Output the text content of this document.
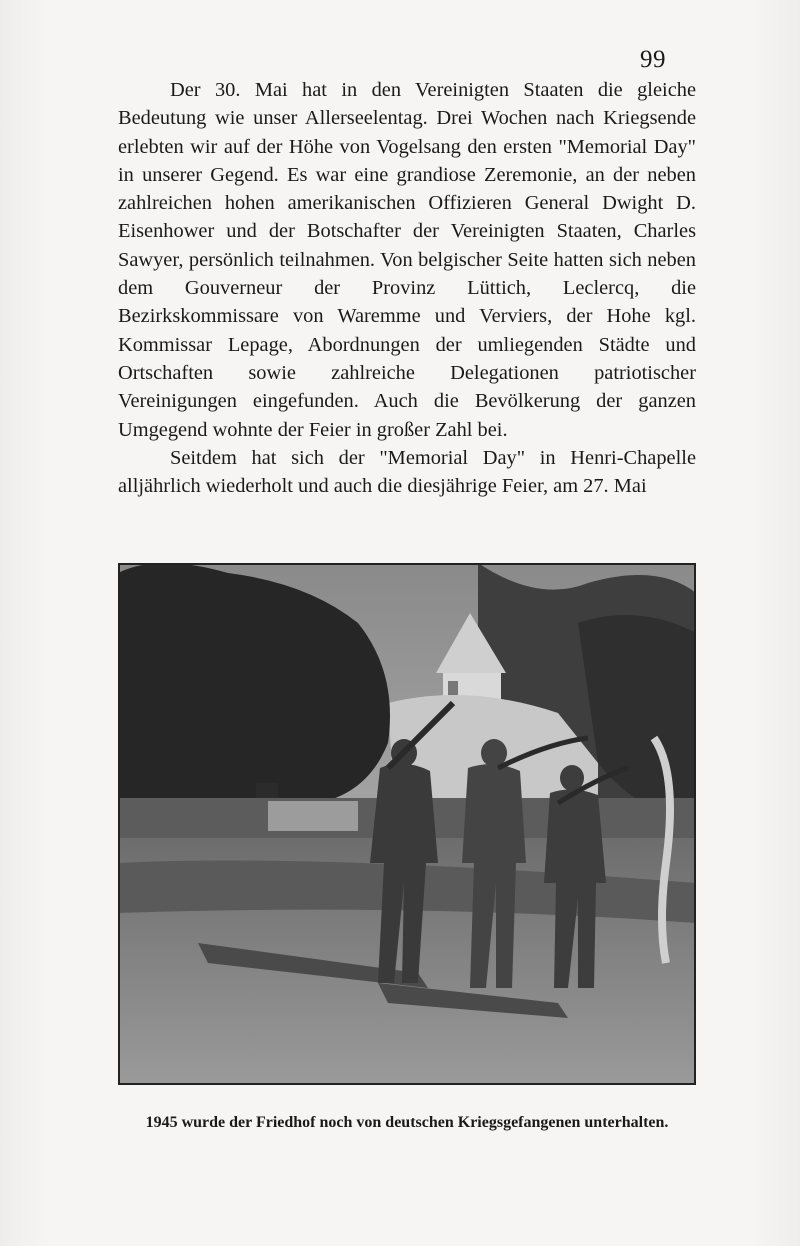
99

Der 30. Mai hat in den Vereinigten Staaten die gleiche Bedeutung wie unser Allerseelentag. Drei Wochen nach Kriegsende erlebten wir auf der Höhe von Vogelsang den ersten "Memorial Day" in unserer Gegend. Es war eine grandiose Zeremonie, an der neben zahlreichen hohen amerikanischen Offizieren General Dwight D. Eisenhower und der Botschafter der Vereinigten Staaten, Charles Sawyer, persönlich teilnahmen. Von belgischer Seite hatten sich neben dem Gouverneur der Provinz Lüttich, Leclercq, die Bezirkskommissare von Waremme und Verviers, der Hohe kgl. Kommissar Lepage, Abordnungen der umliegenden Städte und Ortschaften sowie zahlreiche Delegationen patriotischer Vereinigungen eingefunden. Auch die Bevölkerung der ganzen Umgegend wohnte der Feier in großer Zahl bei.

Seitdem hat sich der "Memorial Day" in Henri-Chapelle alljährlich wiederholt und auch die diesjährige Feier, am 27. Mai

1945 wurde der Friedhof noch von deutschen Kriegsgefangenen unterhalten.
